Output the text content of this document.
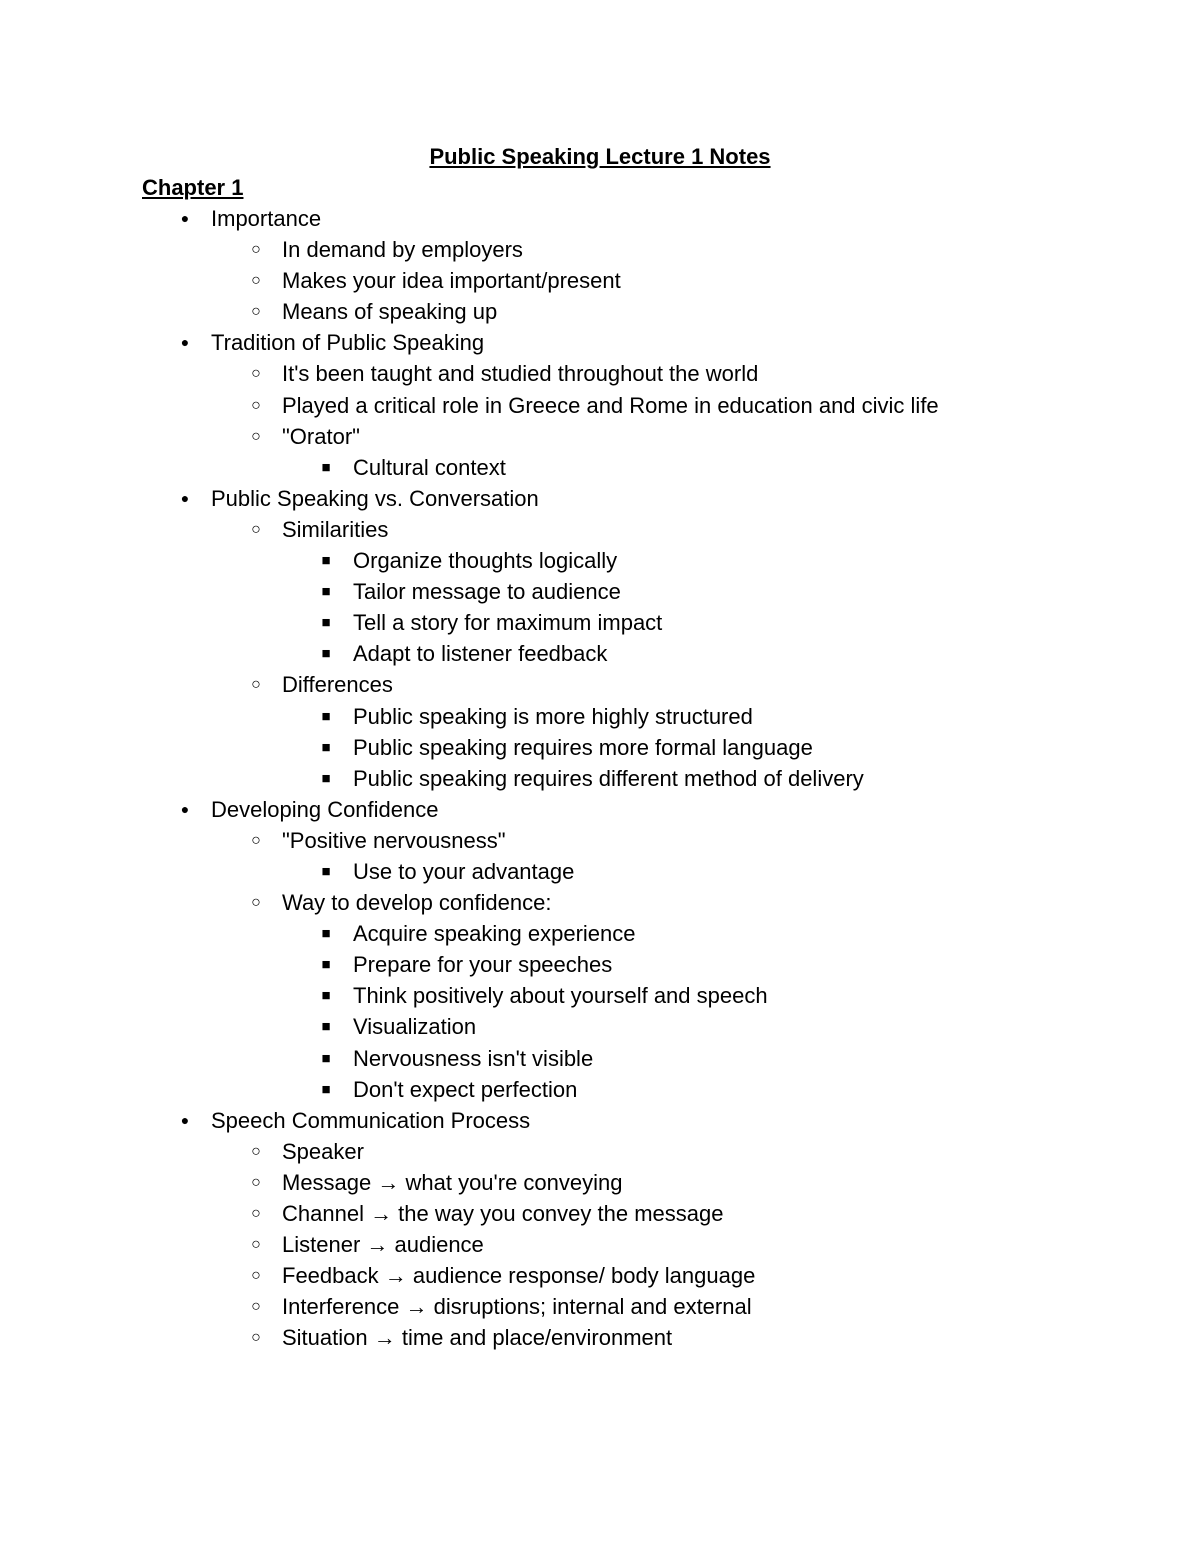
Public Speaking Lecture 1 Notes
Chapter 1
● Importance
○ In demand by employers
○ Makes your idea important/present
○ Means of speaking up
● Tradition of Public Speaking
○ It's been taught and studied throughout the world
○ Played a critical role in Greece and Rome in education and civic life
○ "Orator"
■ Cultural context
● Public Speaking vs. Conversation
○ Similarities
■ Organize thoughts logically
■ Tailor message to audience
■ Tell a story for maximum impact
■ Adapt to listener feedback
○ Differences
■ Public speaking is more highly structured
■ Public speaking requires more formal language
■ Public speaking requires different method of delivery
● Developing Confidence
○ "Positive nervousness"
■ Use to your advantage
○ Way to develop confidence:
■ Acquire speaking experience
■ Prepare for your speeches
■ Think positively about yourself and speech
■ Visualization
■ Nervousness isn't visible
■ Don't expect perfection
● Speech Communication Process
○ Speaker
○ Message → what you're conveying
○ Channel → the way you convey the message
○ Listener → audience
○ Feedback → audience response/ body language
○ Interference → disruptions; internal and external
○ Situation → time and place/environment
